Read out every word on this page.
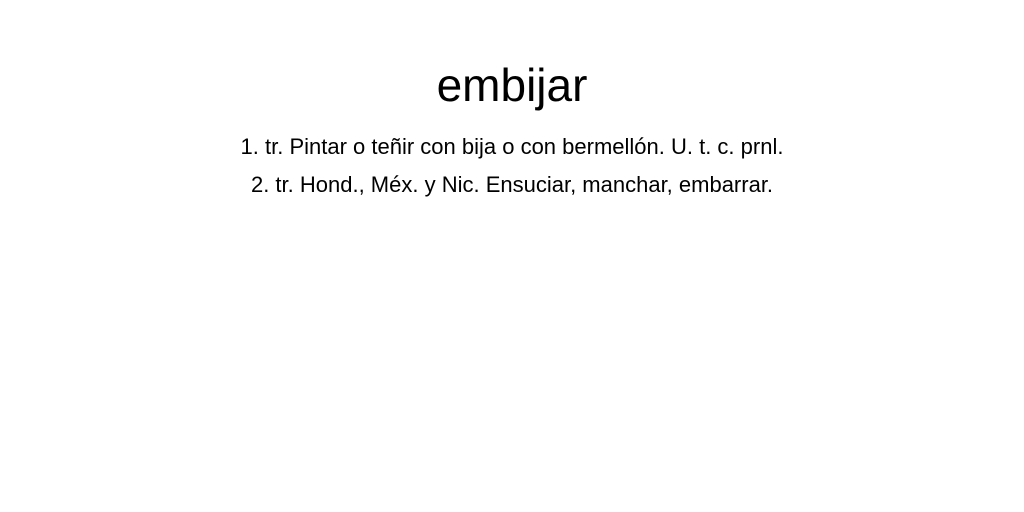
embijar
1. tr. Pintar o teñir con bija o con bermellón. U. t. c. prnl.
2. tr. Hond., Méx. y Nic. Ensuciar, manchar, embarrar.
